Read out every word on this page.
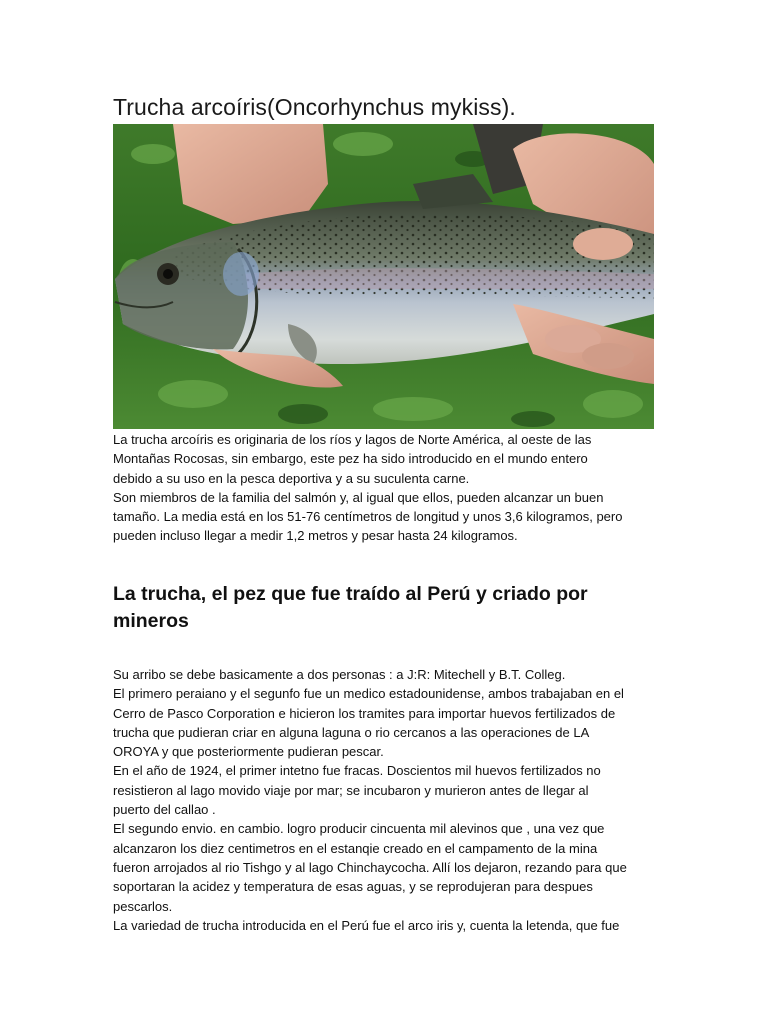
Trucha arcoíris(Oncorhynchus mykiss).

La trucha arcoíris es originaria de los ríos y lagos de Norte América, al oeste de las

Montañas Rocosas, sin embargo, este pez ha sido introducido en el mundo entero

debido a su uso en la pesca deportiva y a su suculenta carne.

Son miembros de la familia del salmón y, al igual que ellos, pueden alcanzar un buen

tamaño. La media está en los 51-76 centímetros de longitud y unos 3,6 kilogramos, pero

pueden incluso llegar a medir 1,2 metros y pesar hasta 24 kilogramos.

La trucha, el pez que fue traído al Perú y criado por
mineros

Su arribo se debe basicamente a dos personas : a J:R: Mitechell y B.T. Colleg.

El primero peraiano y el segunfo fue un medico estadounidense, ambos trabajaban en el

Cerro de Pasco Corporation e hicieron los tramites para importar huevos fertilizados de

trucha que pudieran criar en alguna laguna o rio cercanos a las operaciones de LA

OROYA y que posteriormente pudieran pescar.

En el año de 1924, el primer intetno fue fracas. Doscientos mil huevos fertilizados no

resistieron al lago movido viaje por mar; se incubaron y murieron antes de llegar al

puerto del callao .

El segundo envio. en cambio. logro producir cincuenta mil alevinos que , una vez que

alcanzaron los diez centimetros en el estanqie creado en el campamento de la mina

fueron arrojados al rio Tishgo y al lago Chinchaycocha. Allí los dejaron, rezando para que

soportaran la acidez y temperatura de esas aguas, y se reprodujeran para despues

pescarlos.

La variedad de trucha introducida en el Perú fue el arco iris y, cuenta la letenda, que fue
